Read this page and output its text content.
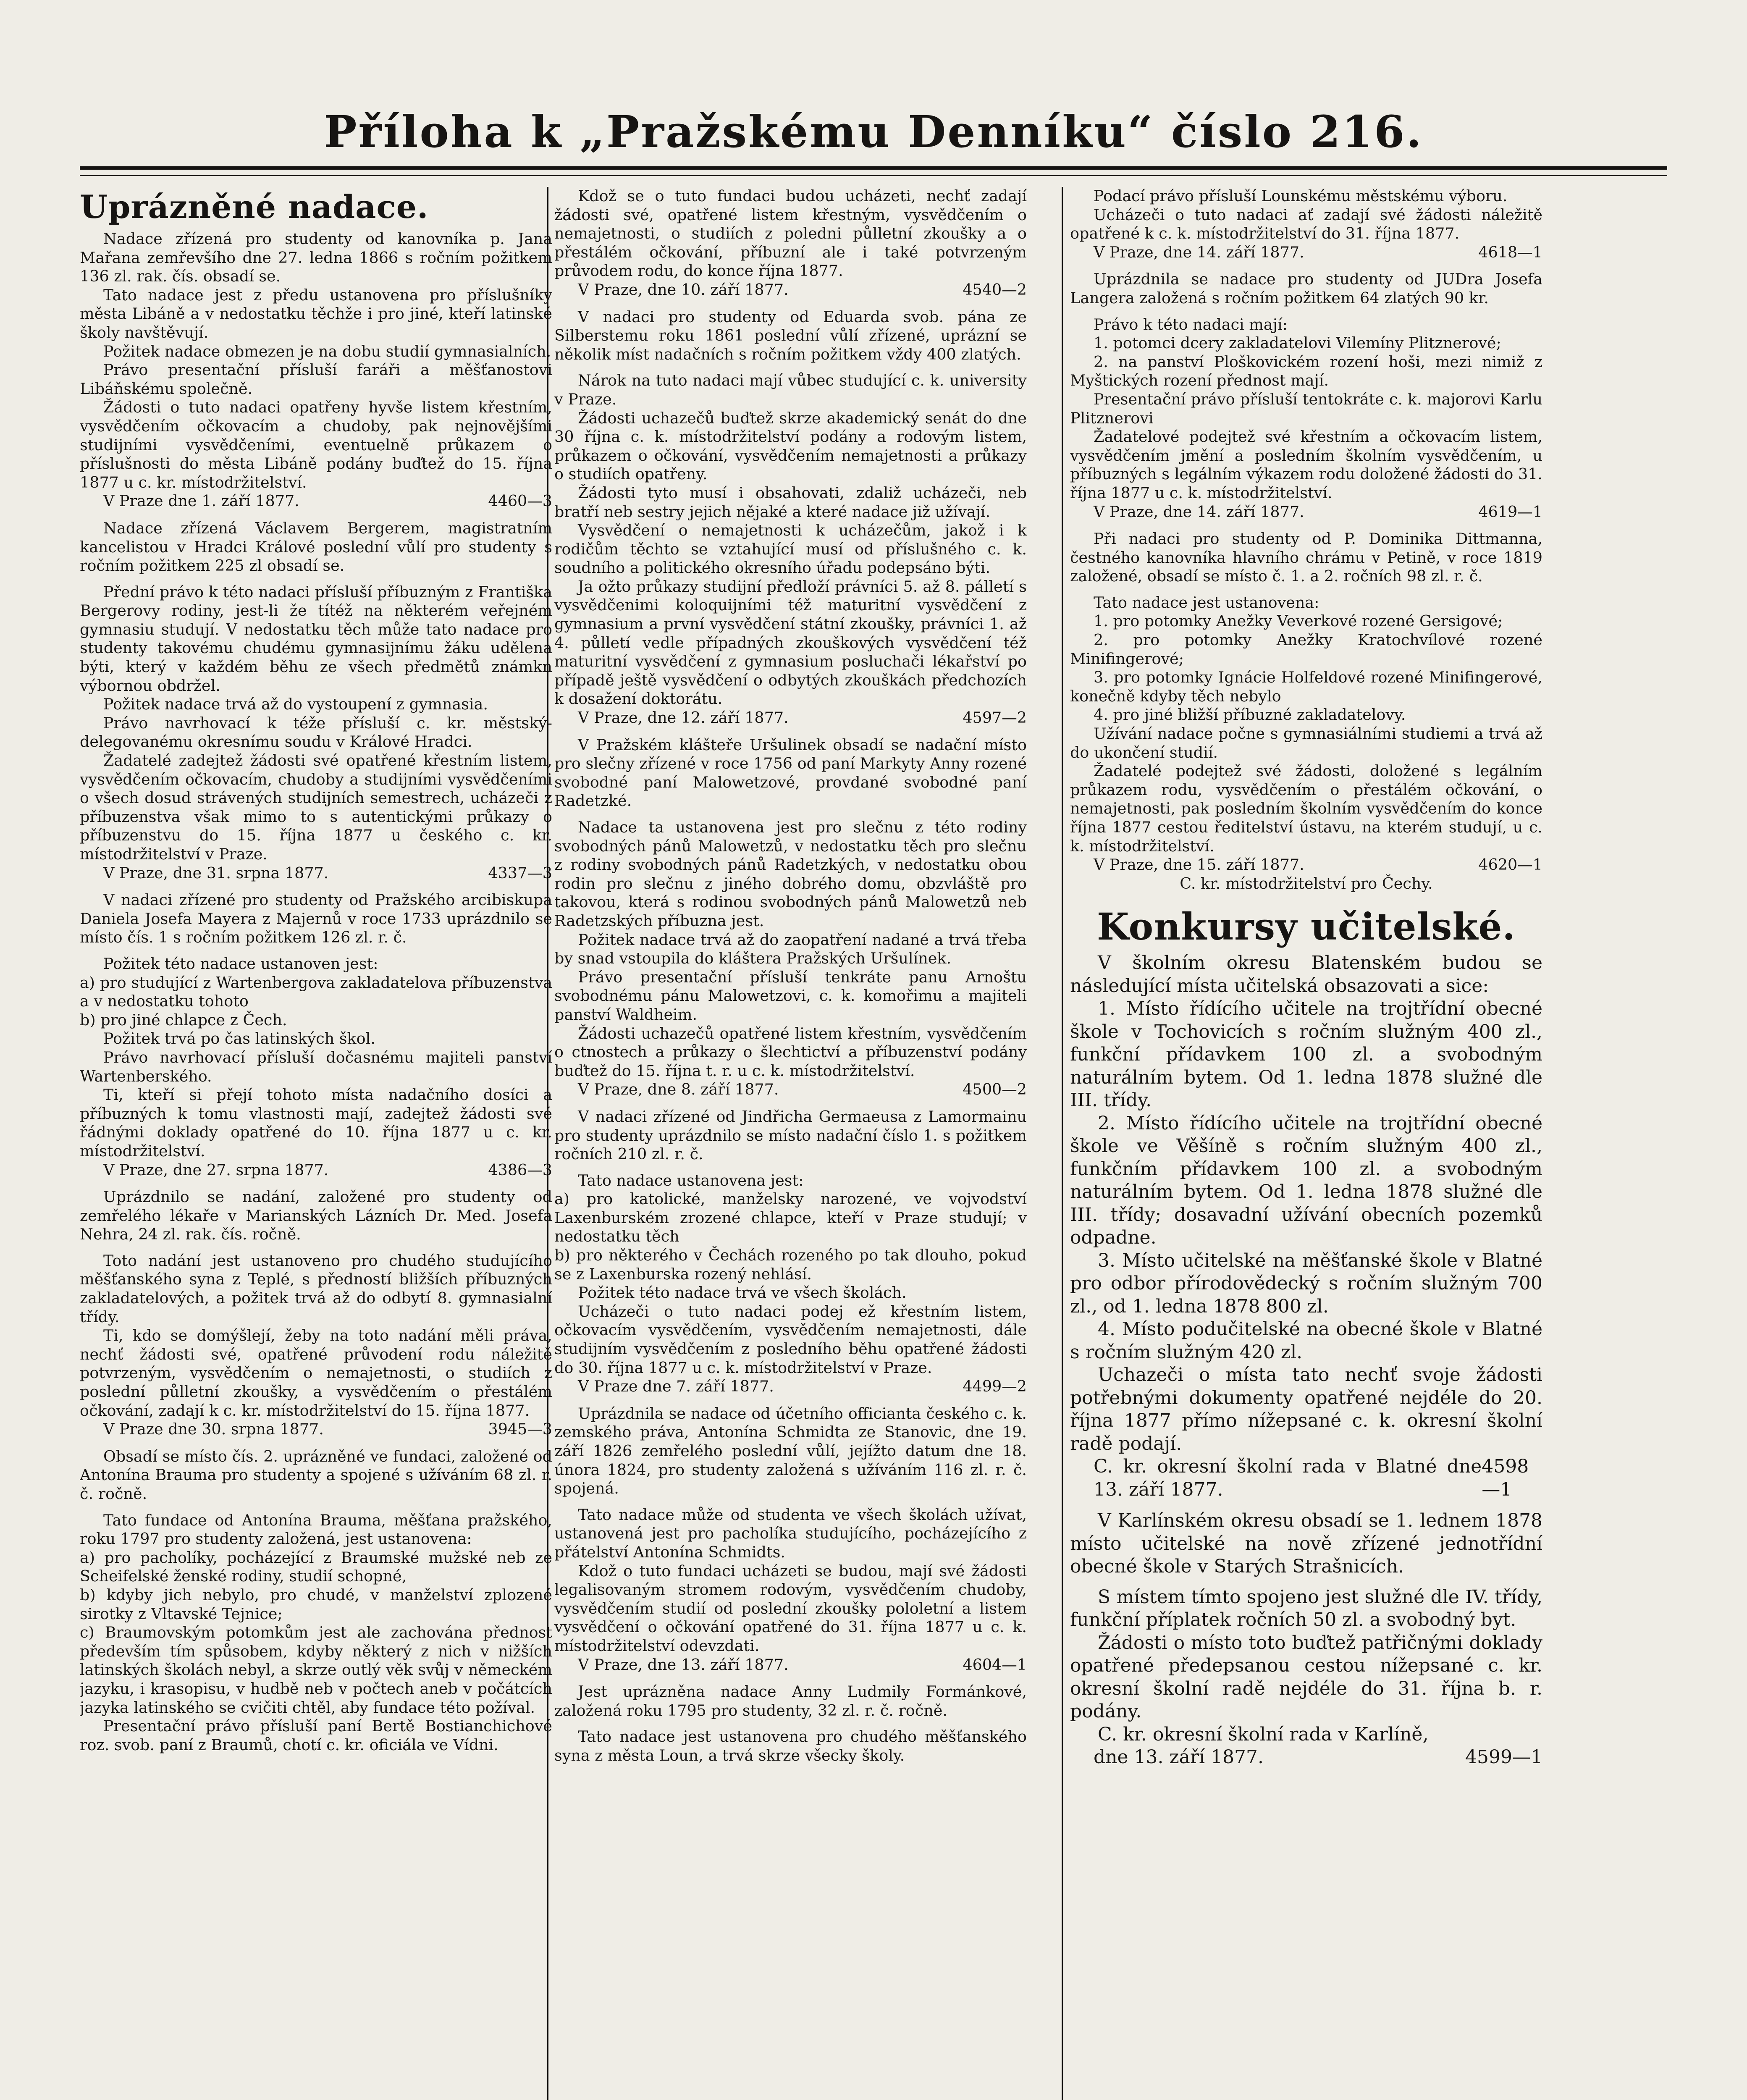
Příloha k „Pražskému Denníku“ číslo 216.

Uprázněné nadace.

Nadace zřízená pro studenty od kanovníka p. Jana Mařana zemřevšího dne 27. ledna 1866 s ročním požitkem 136 zl. rak. čís. obsadí se.

Tato nadace jest z předu ustanovena pro příslušníky města Libáně a v nedostatku těchže i pro jiné, kteří latinské školy navštěvují.

Požitek nadace obmezen je na dobu studií gymnasialních.

Právo presentační přísluší faráři a měšťanostovi Libáňskému společně.

Žádosti o tuto nadaci opatřeny hyvše listem křestním, vysvědčením očkovacím a chudoby, pak nejnovějšími studijními vysvědčeními, eventuelně průkazem o příslušnosti do města Libáně podány buďtež do 15. října 1877 u c. kr. místodržitelství.

V Praze dne 1. září 1877.	4460—3

Nadace zřízená Václavem Bergerem, magistratním kancelistou v Hradci Králové poslední vůlí pro studenty s ročním požitkem 225 zl obsadí se.

Přední právo k této nadaci přísluší příbuzným z Františka Bergerovy rodiny, jest-li že títéž na některém veřejném gymnasiu studují. V nedostatku těch může tato nadace pro studenty takovému chudému gymnasijnímu žáku udělena býti, který v každém běhu ze všech předmětů známkn výbornou obdržel.

Požitek nadace trvá až do vystoupení z gymnasia.

Právo navrhovací k téže přísluší c. kr. městský- delegovanému okresnímu soudu v Králové Hradci.

Žadatelé zadejtež žádosti své opatřené křestním listem, vysvědčením očkovacím, chudoby a studijními vysvědčeními o všech dosud strávených studijních semestrech, ucházeči z příbuzenstva však mimo to s autentickými průkazy o příbuzenstvu do 15. října 1877 u českého c. kr. místodržitelství v Praze.

V Praze, dne 31. srpna 1877.	4337—3

V nadaci zřízené pro studenty od Pražského arcibiskupa Daniela Josefa Mayera z Majernů v roce 1733 uprázdnilo se místo čís. 1 s ročním požitkem 126 zl. r. č.

Požitek této nadace ustanoven jest:

a) pro studující z Wartenbergova zakladatelova příbuzenstva a v nedostatku tohoto

b) pro jiné chlapce z Čech.

Požitek trvá po čas latinských škol.

Právo navrhovací přísluší dočasnému majiteli panství Wartenberského.

Ti, kteří si přejí tohoto místa nadačního dosíci a příbuzných k tomu vlastnosti mají, zadejtež žádosti své řádnými doklady opatřené do 10. října 1877 u c. kr. místodržitelství.

V Praze, dne 27. srpna 1877.	4386—3

Uprázdnilo se nadání, založené pro studenty od zemřelého lékaře v Marianských Lázních Dr. Med. Josefa Nehra, 24 zl. rak. čís. ročně.

Toto nadání jest ustanoveno pro chudého studujícího měšťanského syna z Teplé, s předností bližších příbuzných zakladatelových, a požitek trvá až do odbytí 8. gymnasialní třídy.

Ti, kdo se domýšlejí, žeby na toto nadání měli práva, nechť žádosti své, opatřené průvodení rodu náležitě potvrzeným, vysvědčením o nemajetnosti, o studiích z poslední půlletní zkoušky, a vysvědčením o přestálém očkování, zadají k c. kr. místodržitelství do 15. října 1877.

V Praze dne 30. srpna 1877.	3945—3

Obsadí se místo čís. 2. uprázněné ve fundaci, založené od Antonína Brauma pro studenty a spojené s užíváním 68 zl. r. č. ročně.

Tato fundace od Antonína Brauma, měšťana pražského, roku 1797 pro studenty založená, jest ustanovena:

a) pro pacholíky, pocházející z Braumské mužské neb ze Scheifelské ženské rodiny, studií schopné,

b) kdyby jich nebylo, pro chudé, v manželství zplozené sirotky z Vltavské Tejnice;

c) Braumovským potomkům jest ale zachována přednost především tím spůsobem, kdyby některý z nich v nižších latinských školách nebyl, a skrze outlý věk svůj v německém jazyku, i krasopisu, v hudbě neb v počtech aneb v počátcích jazyka latinského se cvičiti chtěl, aby fundace této požíval.

Presentační právo přísluší paní Bertě Bostianchichové roz. svob. paní z Braumů, chotí c. kr. oficiála ve Vídni.

Kdož se o tuto fundaci budou ucházeti, nechť zadají žádosti své, opatřené listem křestným, vysvědčením o nemajetnosti, o studiích z poledni půlletní zkoušky a o přestálém očkování, příbuzní ale i také potvrzeným průvodem rodu, do konce října 1877.

V Praze, dne 10. září 1877.	4540—2

V nadaci pro studenty od Eduarda svob. pána ze Silberstemu roku 1861 poslední vůlí zřízené, uprázní se několik míst nadačních s ročním požitkem vždy 400 zlatých.

Nárok na tuto nadaci mají vůbec studující c. k. university v Praze.

Žádosti uchazečů buďtež skrze akademický senát do dne 30 října c. k. místodržitelství podány a rodovým listem, průkazem o očkování, vysvědčením nemajetnosti a průkazy o studiích opatřeny.

Žádosti tyto musí i obsahovati, zdaliž ucházeči, neb bratří neb sestry jejich nějaké a které nadace již užívají.

Vysvědčení o nemajetnosti k ucházečům, jakož i k rodičům těchto se vztahující musí od příslušného c. k. soudního a politického okresního úřadu podepsáno býti.

Ja ožto průkazy studijní předloží právníci 5. až 8. pálletí s vysvědčenimi koloquijními též maturitní vysvědčení z gymnasium a první vysvědčení státní zkoušky, právníci 1. až 4. půlletí vedle případných zkouškových vysvědčení též maturitní vysvědčení z gymnasium posluchači lékařství po případě ještě vysvědčení o odbytých zkouškách předchozích k dosažení doktorátu.

V Praze, dne 12. září 1877.	4597—2

V Pražském klášteře Uršulinek obsadí se nadační místo pro slečny zřízené v roce 1756 od paní Markyty Anny rozené svobodné paní Malowetzové, provdané svobodné paní Radetzké.

Nadace ta ustanovena jest pro slečnu z této rodiny svobodných pánů Malowetzů, v nedostatku těch pro slečnu z rodiny svobodných pánů Radetzkých, v nedostatku obou rodin pro slečnu z jiného dobrého domu, obzvláště pro takovou, která s rodinou svobodných pánů Malowetzů neb Radetzských příbuzna jest.

Požitek nadace trvá až do zaopatření nadané a trvá třeba by snad vstoupila do kláštera Pražských Uršulínek.

Právo presentační přísluší tenkráte panu Arnoštu svobodnému pánu Malowetzovi, c. k. komořimu a majiteli panství Waldheim.

Žádosti uchazečů opatřené listem křestním, vysvědčením o ctnostech a průkazy o šlechtictví a příbuzenství podány buďtež do 15. října t. r. u c. k. místodržitelství.

V Praze, dne 8. září 1877.	4500—2

V nadaci zřízené od Jindřicha Germaeusa z Lamormainu pro studenty uprázdnilo se místo nadační číslo 1. s požitkem ročních 210 zl. r. č.

Tato nadace ustanovena jest:

a) pro katolické, manželsky narozené, ve vojvodství Laxenburském zrozené chlapce, kteří v Praze studují; v nedostatku těch

b) pro některého v Čechách rozeného po tak dlouho, pokud se z Laxenburska rozený nehlásí.

Požitek této nadace trvá ve všech školách.

Ucházeči o tuto nadaci podej ež křestním listem, očkovacím vysvědčením, vysvědčením nemajetnosti, dále studijním vysvědčením z posledního běhu opatřené žádosti do 30. října 1877 u c. k. místodržitelství v Praze.

V Praze dne 7. září 1877.	4499—2

Uprázdnila se nadace od účetního officianta českého c. k. zemského práva, Antonína Schmidta ze Stanovic, dne 19. září 1826 zemřelého poslední vůlí, jejížto datum dne 18. února 1824, pro studenty založená s užíváním 116 zl. r. č. spojená.

Tato nadace může od studenta ve všech školách užívat, ustanovená jest pro pacholíka studujícího, pocházejícího z přátelství Antonína Schmidts.

Kdož o tuto fundaci ucházeti se budou, mají své žádosti legalisovaným stromem rodovým, vysvědčením chudoby, vysvědčením studií od poslední zkoušky pololetní a listem vysvědčení o očkování opatřené do 31. října 1877 u c. k. místodržitelství odevzdati.

V Praze, dne 13. září 1877.	4604—1

Jest uprázněna nadace Anny Ludmily Formánkové, založená roku 1795 pro studenty, 32 zl. r. č. ročně.

Tato nadace jest ustanovena pro chudého měšťanského syna z města Loun, a trvá skrze všecky školy.

Podací právo přísluší Lounskému městskému výboru.

Ucházeči o tuto nadaci ať zadají své žádosti náležitě opatřené k c. k. místodržitelství do 31. října 1877.

V Praze, dne 14. září 1877.	4618—1

Uprázdnila se nadace pro studenty od JUDra Josefa Langera založená s ročním požitkem 64 zlatých 90 kr.

Právo k této nadaci mají:

1. potomci dcery zakladatelovi Vilemíny Plitznerové;

2. na panství Ploškovickém rození hoši, mezi nimiž z Myštických rození přednost mají.

Presentační právo přísluší tentokráte c. k. majorovi Karlu Plitznerovi

Žadatelové podejtež své křestním a očkovacím listem, vysvědčením jmění a posledním školním vysvědčením, u příbuzných s legálním výkazem rodu doložené žádosti do 31. října 1877 u c. k. místodržitelství.

V Praze, dne 14. září 1877.	4619—1

Při nadaci pro studenty od P. Dominika Dittmanna, čestného kanovníka hlavního chrámu v Petině, v roce 1819 založené, obsadí se místo č. 1. a 2. ročních 98 zl. r. č.

Tato nadace jest ustanovena:

1. pro potomky Anežky Veverkové rozené Gersigové;

2. pro potomky Anežky Kratochvílové rozené Minifingerové;

3. pro potomky Ignácie Holfeldové rozené Minifingerové, konečně kdyby těch nebylo

4. pro jiné bližší příbuzné zakladatelovy.

Užívání nadace počne s gymnasiálními studiemi a trvá až do ukončení studií.

Žadatelé podejtež své žádosti, doložené s legálním průkazem rodu, vysvědčením o přestálém očkování, o nemajetnosti, pak posledním školním vysvědčením do konce října 1877 cestou ředitelství ústavu, na kterém studují, u c. k. místodržitelství.

V Praze, dne 15. září 1877.	4620—1

C. kr. místodržitelství pro Čechy.

Konkursy učitelské.

V školním okresu Blatenském budou se následující místa učitelská obsazovati a sice:

1. Místo řídícího učitele na trojtřídní obecné škole v Tochovicích s ročním služným 400 zl., funkční přídavkem 100 zl. a svobodným naturálním bytem. Od 1. ledna 1878 služné dle III. třídy.

2. Místo řídícího učitele na trojtřídní obecné škole ve Věšíně s ročním služným 400 zl., funkčním přídavkem 100 zl. a svobodným naturálním bytem. Od 1. ledna 1878 služné dle III. třídy; dosavadní užívání obecních pozemků odpadne.

3. Místo učitelské na měšťanské škole v Blatné pro odbor přírodovědecký s ročním služným 700 zl., od 1. ledna 1878 800 zl.

4. Místo podučitelské na obecné škole v Blatné s ročním služným 420 zl.

Uchazeči o místa tato nechť svoje žádosti potřebnými dokumenty opatřené nejdéle do 20. října 1877 přímo nížepsané c. k. okresní školní radě podají.

C. kr. okresní školní rada v Blatné dne 13. září 1877.
4598—1

V Karlínském okresu obsadí se 1. lednem 1878 místo učitelské na nově zřízené jednotřídní obecné škole v Starých Strašnicích.

S místem tímto spojeno jest služné dle IV. třídy, funkční příplatek ročních 50 zl. a svobodný byt.

Žádosti o místo toto buďtež patřičnými doklady opatřené předepsanou cestou nížepsané c. kr. okresní školní radě nejdéle do 31. října b. r. podány.

C. kr. okresní školní rada v Karlíně,

dne 13. září 1877.	4599—1
